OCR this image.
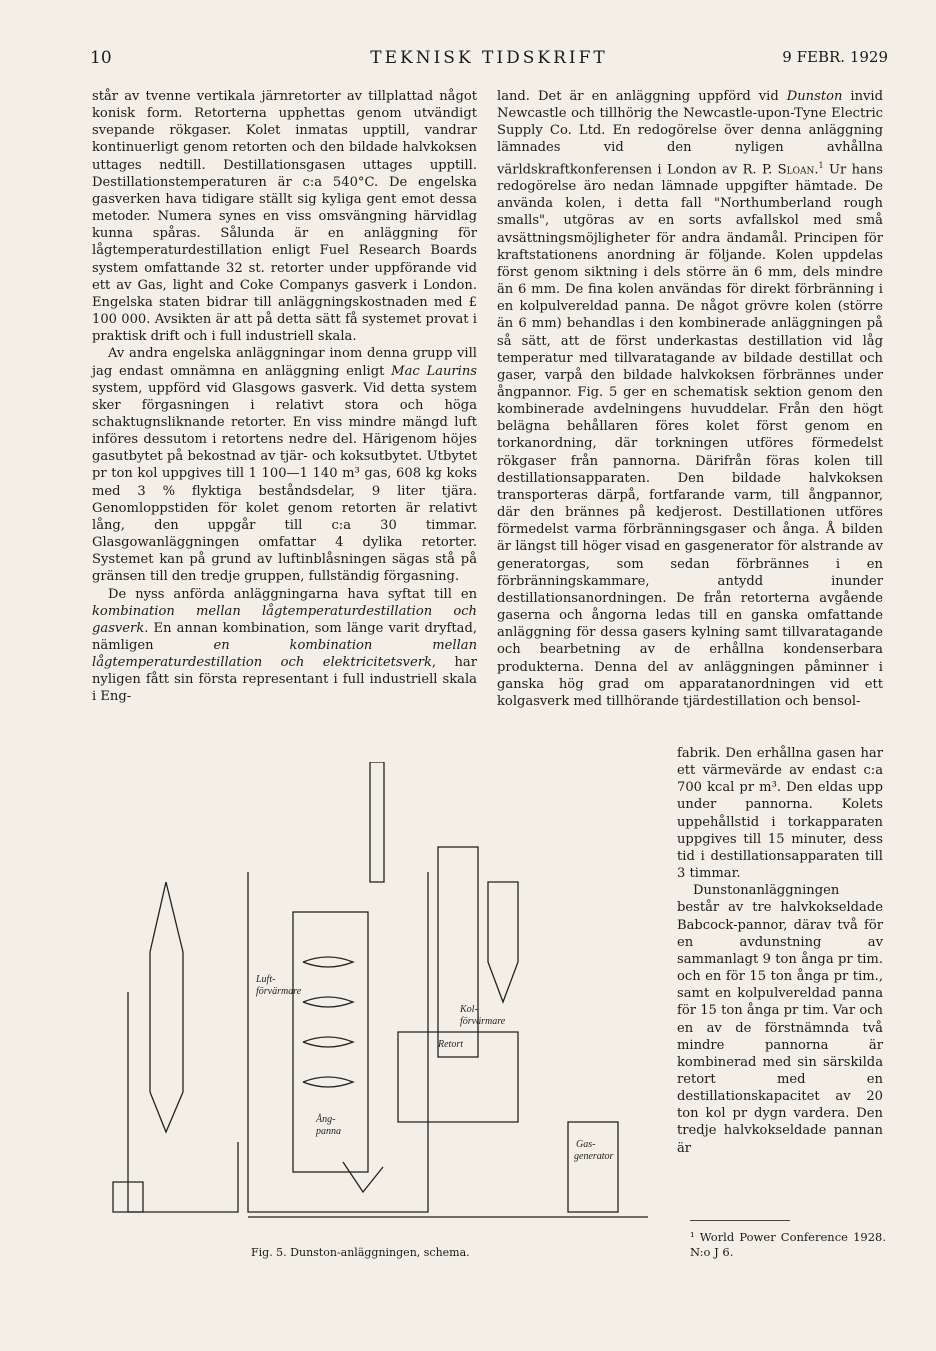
10	TEKNISK TIDSKRIFT	9 FEBR. 1929

står av tvenne vertikala järnretorter av tillplattad något konisk form. Retorterna upphettas genom utvändigt svepande rökgaser. Kolet inmatas upptill, vandrar kontinuerligt genom retorten och den bildade halvkoksen uttages nedtill. Destillationsgasen uttages upptill. Destillationstemperaturen är c:a 540°C. De engelska gasverken hava tidigare ställt sig kyliga gent emot dessa metoder. Numera synes en viss omsvängning härvidlag kunna spåras. Sålunda är en anläggning för lågtemperaturdestillation enligt Fuel Research Boards system omfattande 32 st. retorter under uppförande vid ett av Gas, light and Coke Companys gasverk i London. Engelska staten bidrar till anläggningskostnaden med £ 100 000. Avsikten är att på detta sätt få systemet provat i praktisk drift och i full industriell skala.

Av andra engelska anläggningar inom denna grupp vill jag endast omnämna en anläggning enligt Mac Laurins system, uppförd vid Glasgows gasverk. Vid detta system sker förgasningen i relativt stora och höga schaktugnsliknande retorter. En viss mindre mängd luft införes dessutom i retortens nedre del. Härigenom höjes gasutbytet på bekostnad av tjär- och koksutbytet. Utbytet pr ton kol uppgives till 1 100—1 140 m³ gas, 608 kg koks med 3 % flyktiga beståndsdelar, 9 liter tjära. Genomloppstiden för kolet genom retorten är relativt lång, den uppgår till c:a 30 timmar. Glasgowanläggningen omfattar 4 dylika retorter. Systemet kan på grund av luftinblåsningen sägas stå på gränsen till den tredje gruppen, fullständig förgasning.

De nyss anförda anläggningarna hava syftat till en kombination mellan lågtemperaturdestillation och gasverk. En annan kombination, som länge varit dryftad, nämligen en kombination mellan lågtemperaturdestillation och elektricitetsverk, har nyligen fått sin första representant i full industriell skala i Eng-

land. Det är en anläggning uppförd vid Dunston invid Newcastle och tillhörig the Newcastle-upon-Tyne Electric Supply Co. Ltd. En redogörelse över denna anläggning lämnades vid den nyligen avhållna världskraftkonferensen i London av R. P. Sloan.$^1$ Ur hans redogörelse äro nedan lämnade uppgifter hämtade. De använda kolen, i detta fall "Northumberland rough smalls", utgöras av en sorts avfallskol med små avsättningsmöjligheter för andra ändamål. Principen för kraftstationens anordning är följande. Kolen uppdelas först genom siktning i dels större än 6 mm, dels mindre än 6 mm. De fina kolen användas för direkt förbränning i en kolpulvereldad panna. De något grövre kolen (större än 6 mm) behandlas i den kombinerade anläggningen på så sätt, att de först underkastas destillation vid låg temperatur med tillvaratagande av bildade destillat och gaser, varpå den bildade halvkoksen förbrännes under ångpannor. Fig. 5 ger en schematisk sektion genom den kombinerade avdelningens huvuddelar. Från den högt belägna behållaren föres kolet först genom en torkanordning, där torkningen utföres förmedelst rökgaser från pannorna. Därifrån föras kolen till destillationsapparaten. Den bildade halvkoksen transporteras därpå, fortfarande varm, till ångpannor, där den brännes på kedjerost. Destillationen utföres förmedelst varma förbränningsgaser och ånga. Å bilden är längst till höger visad en gasgenerator för alstrande av generatorgas, som sedan förbrännes i en förbränningskammare, antydd inunder destillationsanordningen. De från retorterna avgående gaserna och ångorna ledas till en ganska omfattande anläggning för dessa gasers kylning samt tillvaratagande och bearbetning av de erhållna kondenserbara produkterna. Denna del av anläggningen påminner i ganska hög grad om apparatanordningen vid ett kolgasverk med tillhörande tjärdestillation och bensol-

fabrik. Den erhållna gasen har ett värmevärde av endast c:a 700 kcal pr m³. Den eldas upp under pannorna. Kolets uppehållstid i torkapparaten uppgives till 15 minuter, dess tid i destillationsapparaten till 3 timmar.

Dunstonanläggningen består av tre halvkokseldade Babcock-pannor, därav två för en avdunstning av sammanlagt 9 ton ånga pr tim. och en för 15 ton ånga pr tim., samt en kolpulvereldad panna för 15 ton ånga pr tim. Var och en av de förstnämnda två mindre pannorna är kombinerad med sin särskilda retort med en destillationskapacitet av 20 ton kol pr dygn vardera. Den tredje halvkokseldade pannan är

Luft-
förvärmare
Kol-
förvärmare
Retort
Ång-
panna
Gas-
generator
Fig. 5. Dunston-anläggningen, schema.
¹ World Power Conference 1928. N:o J 6.
